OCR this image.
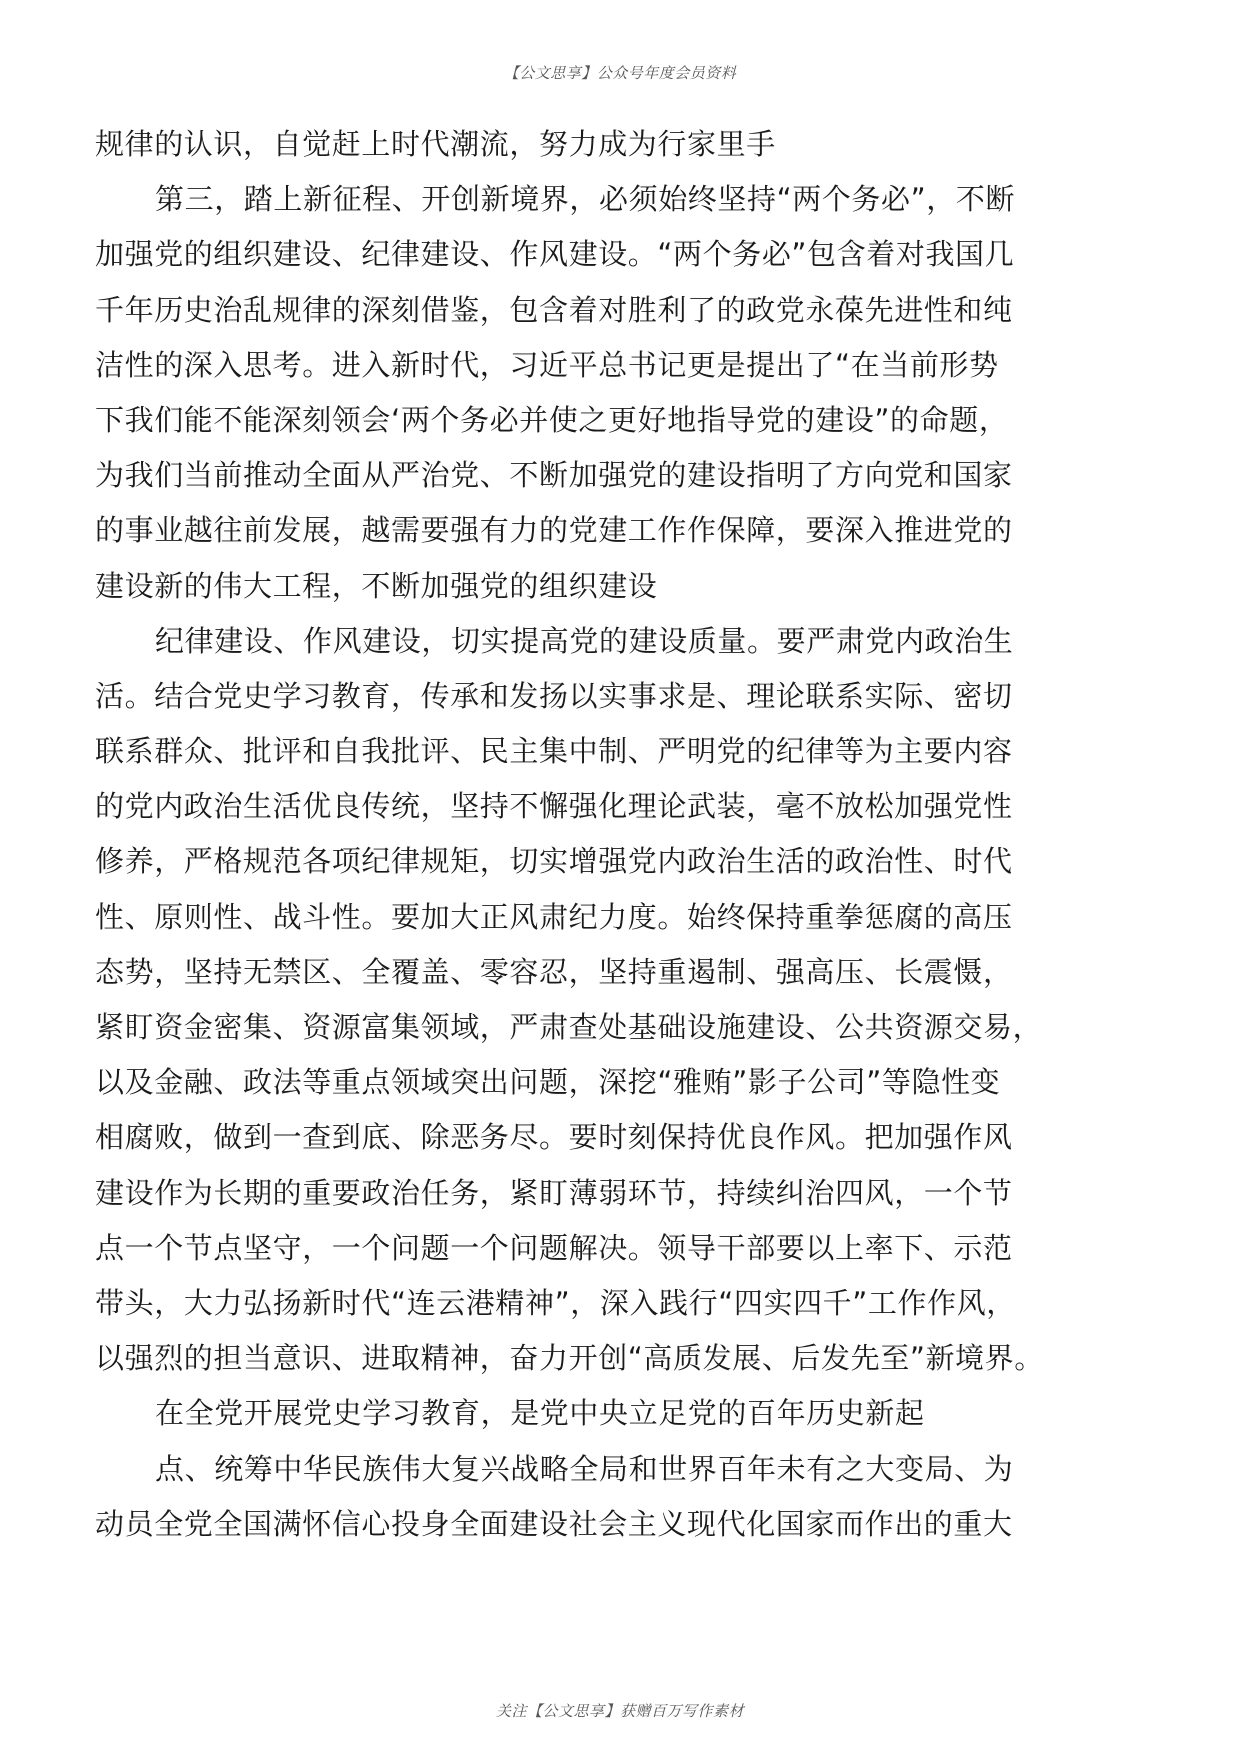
【公文思享】公众号年度会员资料
规律的认识，自觉赶上时代潮流，努力成为行家里手
第三，踏上新征程、开创新境界，必须始终坚持“两个务必”，不断
加强党的组织建设、纪律建设、作风建设。“两个务必”包含着对我国几
千年历史治乱规律的深刻借鉴，包含着对胜利了的政党永葆先进性和纯
洁性的深入思考。进入新时代，习近平总书记更是提出了“在当前形势
下我们能不能深刻领会‘两个务必并使之更好地指导党的建设”的命题，
为我们当前推动全面从严治党、不断加强党的建设指明了方向党和国家
的事业越往前发展，越需要强有力的党建工作作保障，要深入推进党的
建设新的伟大工程，不断加强党的组织建设
纪律建设、作风建设，切实提高党的建设质量。要严肃党内政治生
活。结合党史学习教育，传承和发扬以实事求是、理论联系实际、密切
联系群众、批评和自我批评、民主集中制、严明党的纪律等为主要内容
的党内政治生活优良传统，坚持不懈强化理论武装，毫不放松加强党性
修养，严格规范各项纪律规矩，切实增强党内政治生活的政治性、时代
性、原则性、战斗性。要加大正风肃纪力度。始终保持重拳惩腐的高压
态势，坚持无禁区、全覆盖、零容忍，坚持重遏制、强高压、长震慑，
紧盯资金密集、资源富集领域，严肃查处基础设施建设、公共资源交易，
以及金融、政法等重点领域突出问题，深挖“雅贿”影子公司”等隐性变
相腐败，做到一查到底、除恶务尽。要时刻保持优良作风。把加强作风
建设作为长期的重要政治任务，紧盯薄弱环节，持续纠治四风，一个节
点一个节点坚守，一个问题一个问题解决。领导干部要以上率下、示范
带头，大力弘扬新时代“连云港精神”，深入践行“四实四千”工作作风，
以强烈的担当意识、进取精神，奋力开创“高质发展、后发先至”新境界。
在全党开展党史学习教育，是党中央立足党的百年历史新起
点、统筹中华民族伟大复兴战略全局和世界百年未有之大变局、为
动员全党全国满怀信心投身全面建设社会主义现代化国家而作出的重大
关注【公文思享】获赠百万写作素材
